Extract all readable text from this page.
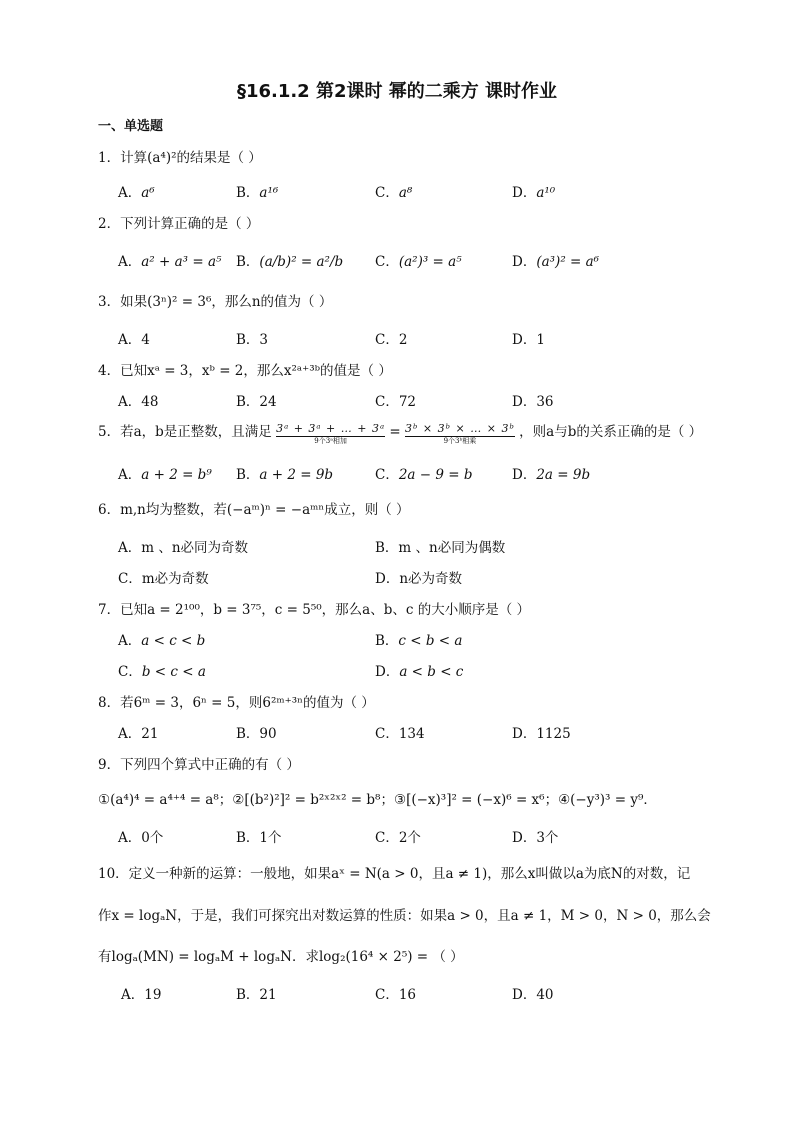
§16.1.2 第2课时 幂的二乘方 课时作业
一、单选题
1．计算(a⁴)²的结果是（ ）
A．a⁶	B．a¹⁶	C．a⁸	D．a¹⁰
2．下列计算正确的是（ ）
A．a² + a³ = a⁵ B．(a/b)² = a²/b C．(a²)³ = a⁵	D．(a³)² = a⁶
3．如果(3ⁿ)² = 3⁶，那么n的值为（ ）
A．4	B．3	C．2	D．1
4．已知xᵃ = 3，xᵇ = 2，那么x²ᵃ⁺³ᵇ的值是（ ）
A．48	B．24	C．72	D．36
5．若a，b是正整数，且满足 3ᵃ + 3ᵃ + … + 3ᵃ
9个3ᵃ相加
= 3ᵇ × 3ᵇ × … × 3ᵇ
9个3ᵇ相乘
，则a与b的关系正确的是（ ）
A．a + 2 = b⁹ B．a + 2 = 9b	C．2a − 9 = b	D．2a = 9b
6．m,n均为整数，若(−aᵐ)ⁿ = −aᵐⁿ成立，则（ ）
A．m 、n必同为奇数	B．m 、n必同为偶数
C．m必为奇数	D．n必为奇数
7．已知a = 2¹⁰⁰，b = 3⁷⁵，c = 5⁵⁰，那么a、b、c 的大小顺序是（ ）
A．a < c < b	B．c < b < a
C．b < c < a	D．a < b < c
8．若6ᵐ = 3，6ⁿ = 5，则6²ᵐ⁺³ⁿ的值为（ ）
A．21	B．90	C．134	D．1125
9．下列四个算式中正确的有（ ）
①(a⁴)⁴ = a⁴⁺⁴ = a⁸；②[(b²)²]² = b²ˣ²ˣ² = b⁸；③[(−x)³]² = (−x)⁶ = x⁶；④(−y³)³ = y⁹．
A．0个	B．1个	C．2个	D．3个
10．定义一种新的运算：一般地，如果aˣ = N(a > 0，且a ≠ 1)，那么x叫做以a为底N的对数，记
作x = logₐN，于是，我们可探究出对数运算的性质：如果a > 0，且a ≠ 1，M > 0，N > 0，那么会
有logₐ(MN) = logₐM + logₐN．求log₂(16⁴ × 2⁵) = （ ）
A．19	B．21	C．16	D．40
